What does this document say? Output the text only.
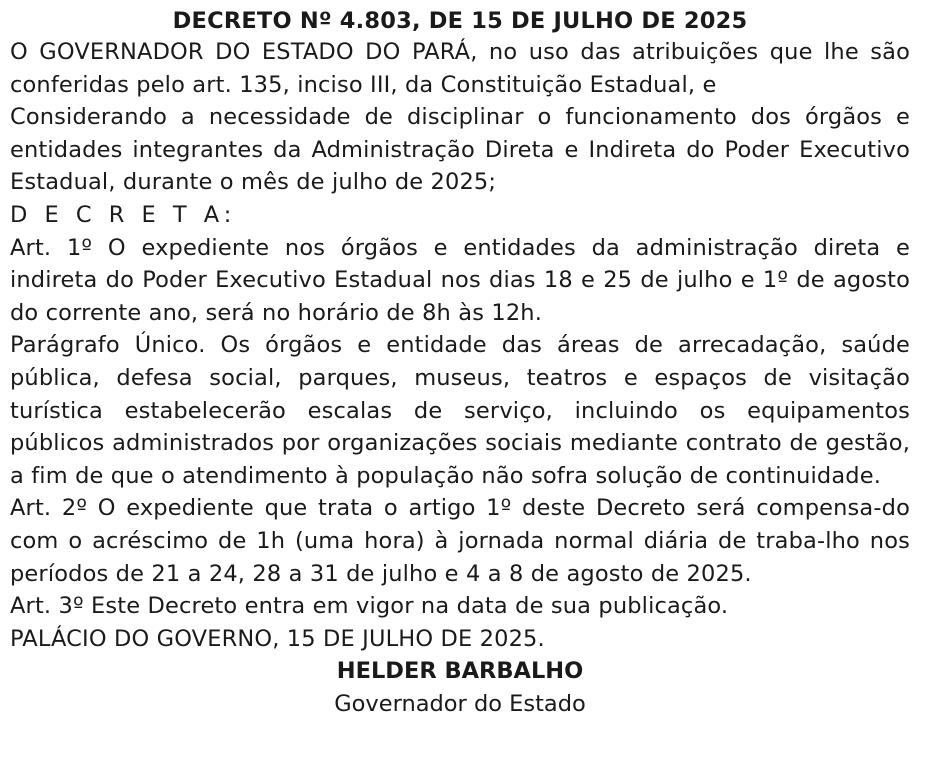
DECRETO Nº 4.803, DE 15 DE JULHO DE 2025

O GOVERNADOR DO ESTADO DO PARÁ, no uso das atribuições que lhe são conferidas pelo art. 135, inciso III, da Constituição Estadual, e

Considerando a necessidade de disciplinar o funcionamento dos órgãos e entidades integrantes da Administração Direta e Indireta do Poder Executivo Estadual, durante o mês de julho de 2025;

D E C R E T A:

Art. 1º O expediente nos órgãos e entidades da administração direta e indireta do Poder Executivo Estadual nos dias 18 e 25 de julho e 1º de agosto do corrente ano, será no horário de 8h às 12h.

Parágrafo Único. Os órgãos e entidade das áreas de arrecadação, saúde pública, defesa social, parques, museus, teatros e espaços de visitação turística estabelecerão escalas de serviço, incluindo os equipamentos públicos administrados por organizações sociais mediante contrato de gestão, a fim de que o atendimento à população não sofra solução de continuidade.

Art. 2º O expediente que trata o artigo 1º deste Decreto será compensa-do com o acréscimo de 1h (uma hora) à jornada normal diária de traba-lho nos períodos de 21 a 24, 28 a 31 de julho e 4 a 8 de agosto de 2025.

Art. 3º Este Decreto entra em vigor na data de sua publicação.

PALÁCIO DO GOVERNO, 15 DE JULHO DE 2025.

HELDER BARBALHO
Governador do Estado
